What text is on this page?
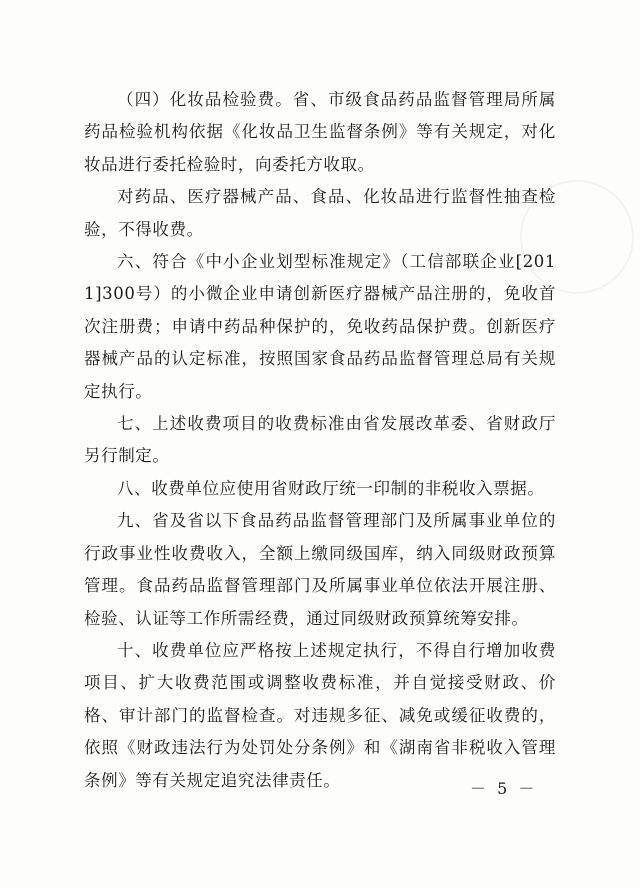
（四）化妆品检验费。省、市级食品药品监督管理局所属药品检验机构依据《化妆品卫生监督条例》等有关规定，对化妆品进行委托检验时，向委托方收取。

对药品、医疗器械产品、食品、化妆品进行监督性抽查检验，不得收费。

六、符合《中小企业划型标准规定》（工信部联企业[2011]300号）的小微企业申请创新医疗器械产品注册的，免收首次注册费；申请中药品种保护的，免收药品保护费。创新医疗器械产品的认定标准，按照国家食品药品监督管理总局有关规定执行。

七、上述收费项目的收费标准由省发展改革委、省财政厅另行制定。

八、收费单位应使用省财政厅统一印制的非税收入票据。

九、省及省以下食品药品监督管理部门及所属事业单位的行政事业性收费收入，全额上缴同级国库，纳入同级财政预算管理。食品药品监督管理部门及所属事业单位依法开展注册、检验、认证等工作所需经费，通过同级财政预算统筹安排。

十、收费单位应严格按上述规定执行，不得自行增加收费项目、扩大收费范围或调整收费标准，并自觉接受财政、价格、审计部门的监督检查。对违规多征、减免或缓征收费的，依照《财政违法行为处罚处分条例》和《湖南省非税收入管理条例》等有关规定追究法律责任。	－ 5 －
